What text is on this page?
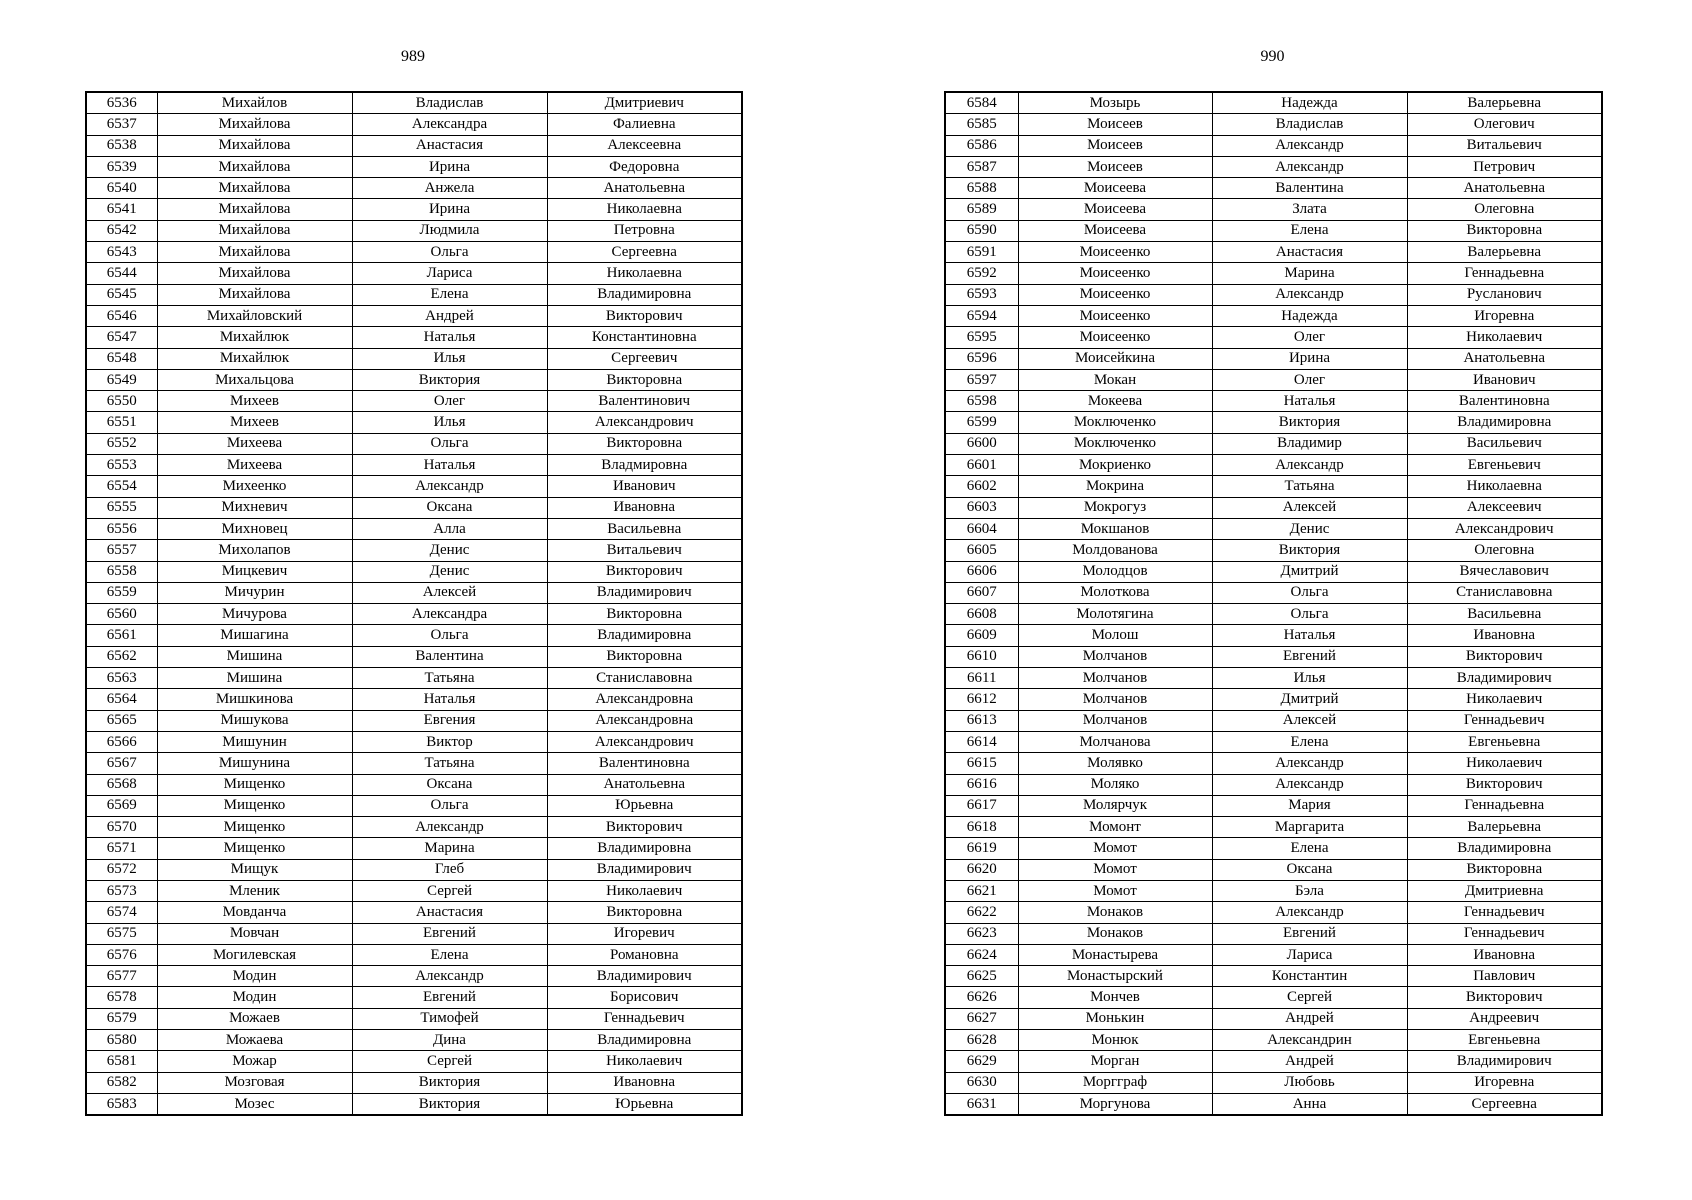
989
6536	Михайлов	Владислав	Дмитриевич
6537	Михайлова	Александра	Фалиевна
6538	Михайлова	Анастасия	Алексеевна
6539	Михайлова	Ирина	Федоровна
6540	Михайлова	Анжела	Анатольевна
6541	Михайлова	Ирина	Николаевна
6542	Михайлова	Людмила	Петровна
6543	Михайлова	Ольга	Сергеевна
6544	Михайлова	Лариса	Николаевна
6545	Михайлова	Елена	Владимировна
6546	Михайловский	Андрей	Викторович
6547	Михайлюк	Наталья	Константиновна
6548	Михайлюк	Илья	Сергеевич
6549	Михальцова	Виктория	Викторовна
6550	Михеев	Олег	Валентинович
6551	Михеев	Илья	Александрович
6552	Михеева	Ольга	Викторовна
6553	Михеева	Наталья	Владмировна
6554	Михеенко	Александр	Иванович
6555	Михневич	Оксана	Ивановна
6556	Михновец	Алла	Васильевна
6557	Михолапов	Денис	Витальевич
6558	Мицкевич	Денис	Викторович
6559	Мичурин	Алексей	Владимирович
6560	Мичурова	Александра	Викторовна
6561	Мишагина	Ольга	Владимировна
6562	Мишина	Валентина	Викторовна
6563	Мишина	Татьяна	Станиславовна
6564	Мишкинова	Наталья	Александровна
6565	Мишукова	Евгения	Александровна
6566	Мишунин	Виктор	Александрович
6567	Мишунина	Татьяна	Валентиновна
6568	Мищенко	Оксана	Анатольевна
6569	Мищенко	Ольга	Юрьевна
6570	Мищенко	Александр	Викторович
6571	Мищенко	Марина	Владимировна
6572	Мищук	Глеб	Владимирович
6573	Мленик	Сергей	Николаевич
6574	Мовданча	Анастасия	Викторовна
6575	Мовчан	Евгений	Игоревич
6576	Могилевская	Елена	Романовна
6577	Модин	Александр	Владимирович
6578	Модин	Евгений	Борисович
6579	Можаев	Тимофей	Геннадьевич
6580	Можаева	Дина	Владимировна
6581	Можар	Сергей	Николаевич
6582	Мозговая	Виктория	Ивановна
6583	Мозес	Виктория	Юрьевна
990
6584	Мозырь	Надежда	Валерьевна
6585	Моисеев	Владислав	Олегович
6586	Моисеев	Александр	Витальевич
6587	Моисеев	Александр	Петрович
6588	Моисеева	Валентина	Анатольевна
6589	Моисеева	Злата	Олеговна
6590	Моисеева	Елена	Викторовна
6591	Моисеенко	Анастасия	Валерьевна
6592	Моисеенко	Марина	Геннадьевна
6593	Моисеенко	Александр	Русланович
6594	Моисеенко	Надежда	Игоревна
6595	Моисеенко	Олег	Николаевич
6596	Моисейкина	Ирина	Анатольевна
6597	Мокан	Олег	Иванович
6598	Мокеева	Наталья	Валентиновна
6599	Моключенко	Виктория	Владимировна
6600	Моключенко	Владимир	Васильевич
6601	Мокриенко	Александр	Евгеньевич
6602	Мокрина	Татьяна	Николаевна
6603	Мокрогуз	Алексей	Алексеевич
6604	Мокшанов	Денис	Александрович
6605	Молдованова	Виктория	Олеговна
6606	Молодцов	Дмитрий	Вячеславович
6607	Молоткова	Ольга	Станиславовна
6608	Молотягина	Ольга	Васильевна
6609	Молош	Наталья	Ивановна
6610	Молчанов	Евгений	Викторович
6611	Молчанов	Илья	Владимирович
6612	Молчанов	Дмитрий	Николаевич
6613	Молчанов	Алексей	Геннадьевич
6614	Молчанова	Елена	Евгеньевна
6615	Молявко	Александр	Николаевич
6616	Моляко	Александр	Викторович
6617	Молярчук	Мария	Геннадьевна
6618	Момонт	Маргарита	Валерьевна
6619	Момот	Елена	Владимировна
6620	Момот	Оксана	Викторовна
6621	Момот	Бэла	Дмитриевна
6622	Монаков	Александр	Геннадьевич
6623	Монаков	Евгений	Геннадьевич
6624	Монастырева	Лариса	Ивановна
6625	Монастырский	Константин	Павлович
6626	Мончев	Сергей	Викторович
6627	Монькин	Андрей	Андреевич
6628	Монюк	Александрин	Евгеньевна
6629	Морган	Андрей	Владимирович
6630	Моргграф	Любовь	Игоревна
6631	Моргунова	Анна	Сергеевна
